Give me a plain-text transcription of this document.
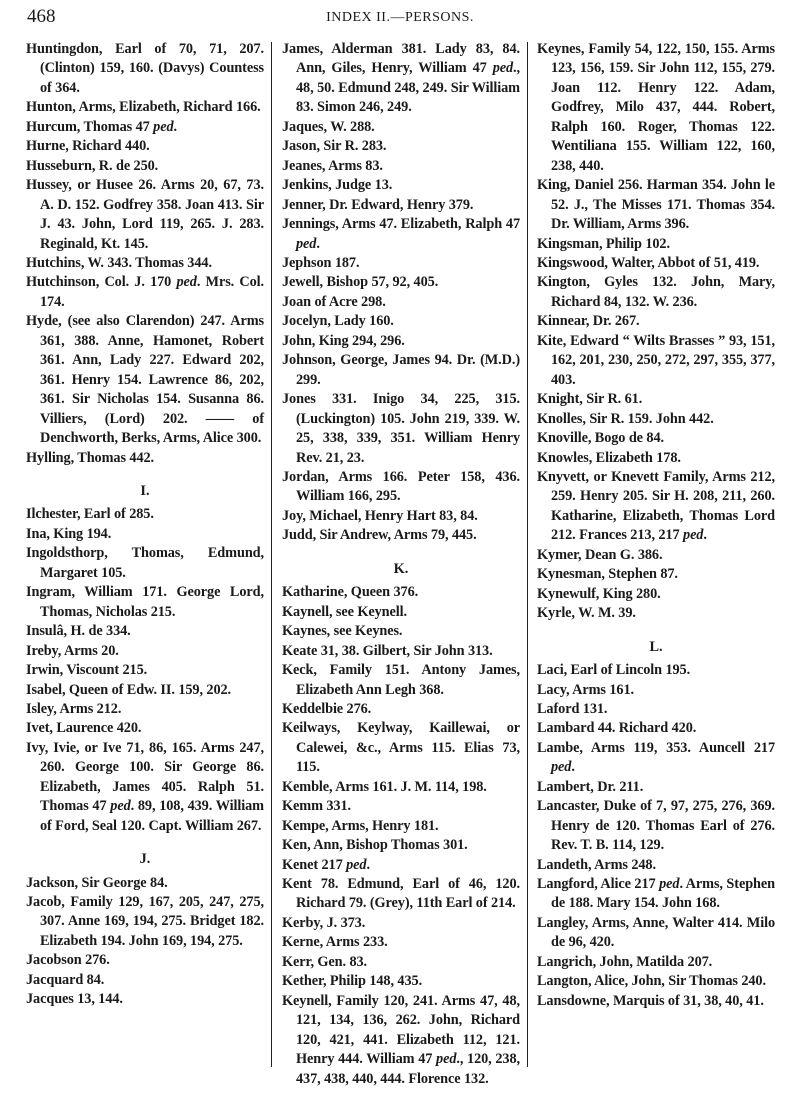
468	INDEX II.—PERSONS.
Huntingdon, Earl of 70, 71, 207. (Clinton) 159, 160. (Davys) Countess of 364.
Hunton, Arms, Elizabeth, Richard 166.
Hurcum, Thomas 47 ped.
Hurne, Richard 440.
Husseburn, R. de 250.
Hussey, or Husee 26. Arms 20, 67, 73. A. D. 152. Godfrey 358. Joan 413. Sir J. 43. John, Lord 119, 265. J. 283. Reginald, Kt. 145.
Hutchins, W. 343. Thomas 344.
Hutchinson, Col. J. 170 ped. Mrs. Col. 174.
Hyde, (see also Clarendon) 247. Arms 361, 388. Anne, Hamonet, Robert 361. Ann, Lady 227. Edward 202, 361. Henry 154. Lawrence 86, 202, 361. Sir Nicholas 154. Susanna 86. Villiers, (Lord) 202. —— of Denchworth, Berks, Arms, Alice 300.
Hylling, Thomas 442.
I.
Ilchester, Earl of 285.
Ina, King 194.
Ingoldsthorp, Thomas, Edmund, Margaret 105.
Ingram, William 171. George Lord, Thomas, Nicholas 215.
Insulâ, H. de 334.
Ireby, Arms 20.
Irwin, Viscount 215.
Isabel, Queen of Edw. II. 159, 202.
Isley, Arms 212.
Ivet, Laurence 420.
Ivy, Ivie, or Ive 71, 86, 165. Arms 247, 260. George 100. Sir George 86. Elizabeth, James 405. Ralph 51. Thomas 47 ped. 89, 108, 439. William of Ford, Seal 120. Capt. William 267.
J.
Jackson, Sir George 84.
Jacob, Family 129, 167, 205, 247, 275, 307. Anne 169, 194, 275. Bridget 182. Elizabeth 194. John 169, 194, 275.
Jacobson 276.
Jacquard 84.
Jacques 13, 144.
James, Alderman 381. Lady 83, 84. Ann, Giles, Henry, William 47 ped., 48, 50. Edmund 248, 249. Sir William 83. Simon 246, 249.
Jaques, W. 288.
Jason, Sir R. 283.
Jeanes, Arms 83.
Jenkins, Judge 13.
Jenner, Dr. Edward, Henry 379.
Jennings, Arms 47. Elizabeth, Ralph 47 ped.
Jephson 187.
Jewell, Bishop 57, 92, 405.
Joan of Acre 298.
Jocelyn, Lady 160.
John, King 294, 296.
Johnson, George, James 94. Dr. (M.D.) 299.
Jones 331. Inigo 34, 225, 315. (Luckington) 105. John 219, 339. W. 25, 338, 339, 351. William Henry Rev. 21, 23.
Jordan, Arms 166. Peter 158, 436. William 166, 295.
Joy, Michael, Henry Hart 83, 84.
Judd, Sir Andrew, Arms 79, 445.
K.
Katharine, Queen 376.
Kaynell, see Keynell.
Kaynes, see Keynes.
Keate 31, 38. Gilbert, Sir John 313.
Keck, Family 151. Antony James, Elizabeth Ann Legh 368.
Keddelbie 276.
Keilways, Keylway, Kaillewai, or Calewei, &c., Arms 115. Elias 73, 115.
Kemble, Arms 161. J. M. 114, 198.
Kemm 331.
Kempe, Arms, Henry 181.
Ken, Ann, Bishop Thomas 301.
Kenet 217 ped.
Kent 78. Edmund, Earl of 46, 120. Richard 79. (Grey), 11th Earl of 214.
Kerby, J. 373.
Kerne, Arms 233.
Kerr, Gen. 83.
Kether, Philip 148, 435.
Keynell, Family 120, 241. Arms 47, 48, 121, 134, 136, 262. John, Richard 120, 421, 441. Elizabeth 112, 121. Henry 444. William 47 ped., 120, 238, 437, 438, 440, 444. Florence 132.
Keynes, Family 54, 122, 150, 155. Arms 123, 156, 159. Sir John 112, 155, 279. Joan 112. Henry 122. Adam, Godfrey, Milo 437, 444. Robert, Ralph 160. Roger, Thomas 122. Wentiliana 155. William 122, 160, 238, 440.
King, Daniel 256. Harman 354. John le 52. J., The Misses 171. Thomas 354. Dr. William, Arms 396.
Kingsman, Philip 102.
Kingswood, Walter, Abbot of 51, 419.
Kington, Gyles 132. John, Mary, Richard 84, 132. W. 236.
Kinnear, Dr. 267.
Kite, Edward “ Wilts Brasses ” 93, 151, 162, 201, 230, 250, 272, 297, 355, 377, 403.
Knight, Sir R. 61.
Knolles, Sir R. 159. John 442.
Knoville, Bogo de 84.
Knowles, Elizabeth 178.
Knyvett, or Knevett Family, Arms 212, 259. Henry 205. Sir H. 208, 211, 260. Katharine, Elizabeth, Thomas Lord 212. Frances 213, 217 ped.
Kymer, Dean G. 386.
Kynesman, Stephen 87.
Kynewulf, King 280.
Kyrle, W. M. 39.
L.
Laci, Earl of Lincoln 195.
Lacy, Arms 161.
Laford 131.
Lambard 44. Richard 420.
Lambe, Arms 119, 353. Auncell 217 ped.
Lambert, Dr. 211.
Lancaster, Duke of 7, 97, 275, 276, 369. Henry de 120. Thomas Earl of 276. Rev. T. B. 114, 129.
Landeth, Arms 248.
Langford, Alice 217 ped. Arms, Stephen de 188. Mary 154. John 168.
Langley, Arms, Anne, Walter 414. Milo de 96, 420.
Langrich, John, Matilda 207.
Langton, Alice, John, Sir Thomas 240.
Lansdowne, Marquis of 31, 38, 40, 41.
